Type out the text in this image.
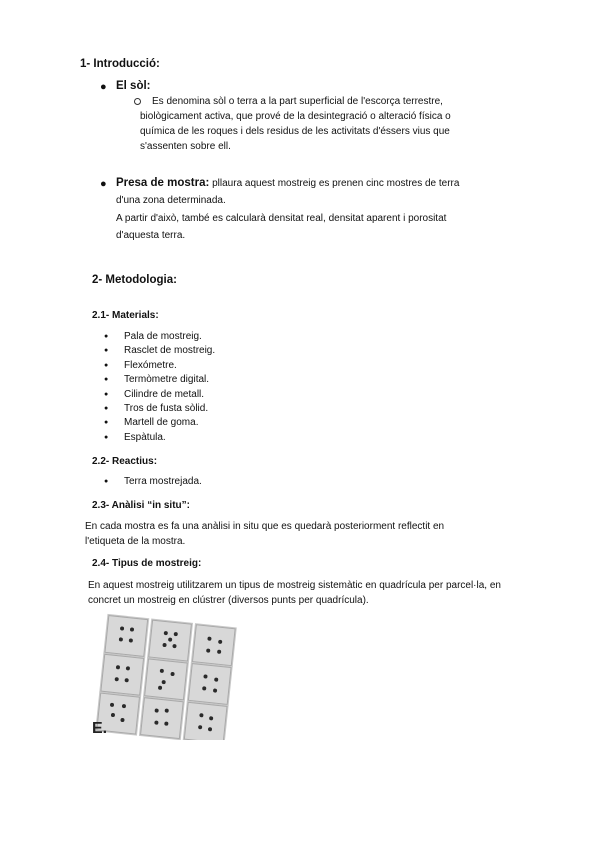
1- Introducció:
● El sòl:
Es denomina sòl o terra a la part superficial de l'escorça terrestre,
biològicament activa, que prové de la desintegració o alteració física o
química de les roques i dels residus de les activitats d'éssers vius que
s'assenten sobre ell.
● Presa de mostra: pllaura aquest mostreig es prenen cinc mostres de terra
d'una zona determinada.
A partir d'això, també es calcularà densitat real, densitat aparent i porositat
d'aquesta terra.
2- Metodologia:
2.1- Materials:
● Pala de mostreig.
● Rasclet de mostreig.
● Flexómetre.
● Termòmetre digital.
● Cilindre de metall.
● Tros de fusta sòlid.
● Martell de goma.
● Espàtula.
2.2- Reactius:
● Terra mostrejada.
2.3- Anàlisi “in situ”:
En cada mostra es fa una anàlisi in situ que es quedarà posteriorment reflectit en
l'etiqueta de la mostra.
2.4- Tipus de mostreig:
En aquest mostreig utilitzarem un tipus de mostreig sistemàtic en quadrícula per parcel·la, en
concret un mostreig en clústrer (diversos punts per quadrícula).
E.
